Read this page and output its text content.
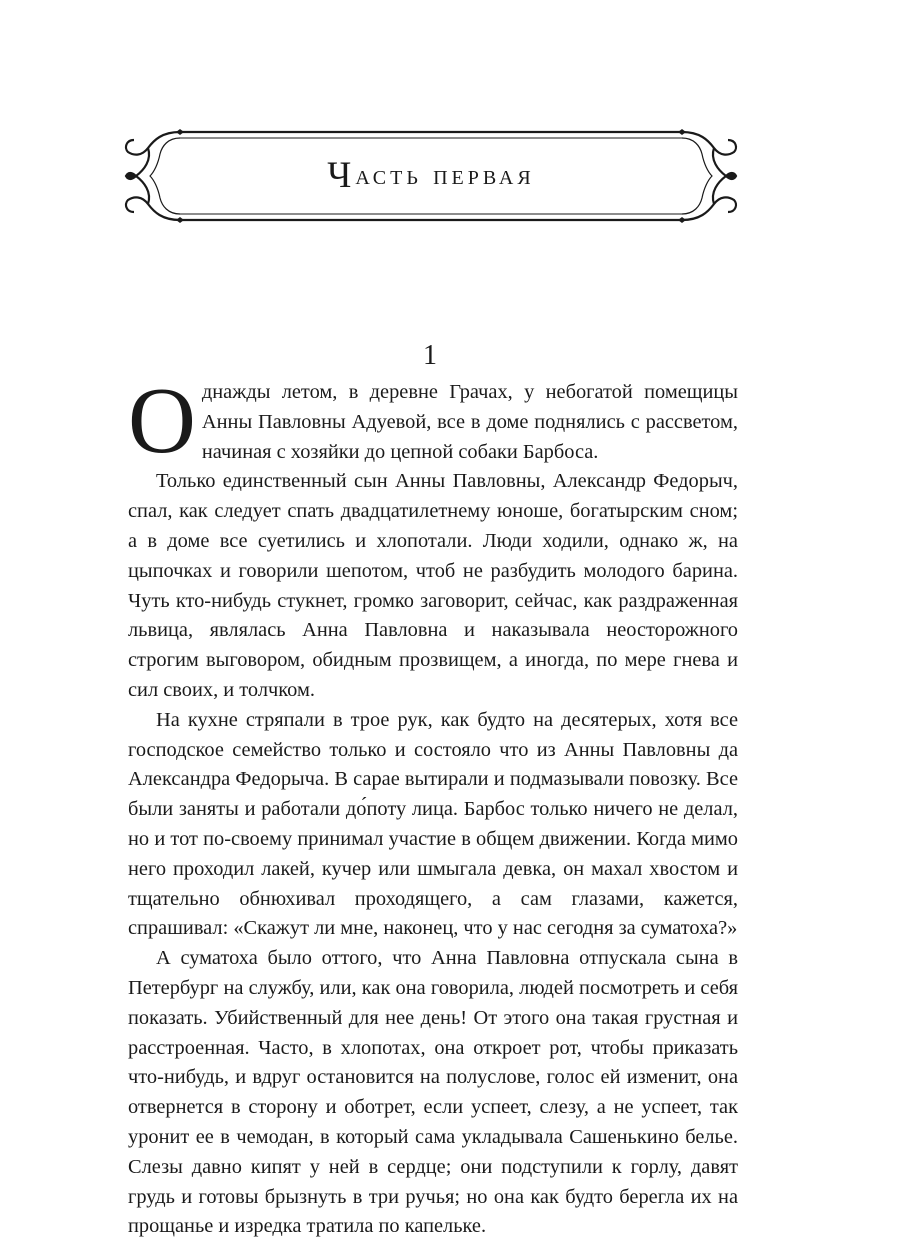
Ч асть первая
1

Однажды летом, в деревне Грачах, у небогатой помещицы Анны Павловны Адуевой, все в доме поднялись с рассветом, начиная с хозяйки до цепной собаки Барбоса.

Только единственный сын Анны Павловны, Александр Федорыч, спал, как следует спать двадцатилетнему юноше, богатырским сном; а в доме все суетились и хлопотали. Люди ходили, однако ж, на цыпочках и говорили шепотом, чтоб не разбудить молодого барина. Чуть кто-нибудь стукнет, громко заговорит, сейчас, как раздраженная львица, являлась Анна Павловна и наказывала неосторожного строгим выговором, обидным прозвищем, а иногда, по мере гнева и сил своих, и толчком.

На кухне стряпали в трое рук, как будто на десятерых, хотя все господское семейство только и состояло что из Анны Павловны да Александра Федорыча. В сарае вытирали и подмазывали повозку. Все были заняты и работали до́поту лица. Барбос только ничего не делал, но и тот по-своему принимал участие в общем движении. Когда мимо него проходил лакей, кучер или шмыгала девка, он махал хвостом и тщательно обнюхивал проходящего, а сам глазами, кажется, спрашивал: «Скажут ли мне, наконец, что у нас сегодня за суматоха?»

А суматоха было оттого, что Анна Павловна отпускала сына в Петербург на службу, или, как она говорила, людей посмотреть и себя показать. Убийственный для нее день! От этого она такая грустная и расстроенная. Часто, в хлопотах, она откроет рот, чтобы приказать что-нибудь, и вдруг остановится на полуслове, голос ей изменит, она отвернется в сторону и оботрет, если успеет, слезу, а не успеет, так уронит ее в чемодан, в который сама укладывала Сашенькино белье. Слезы давно кипят у ней в сердце; они подступили к горлу, давят грудь и готовы брызнуть в три ручья; но она как будто берегла их на прощанье и изредка тратила по капельке.
